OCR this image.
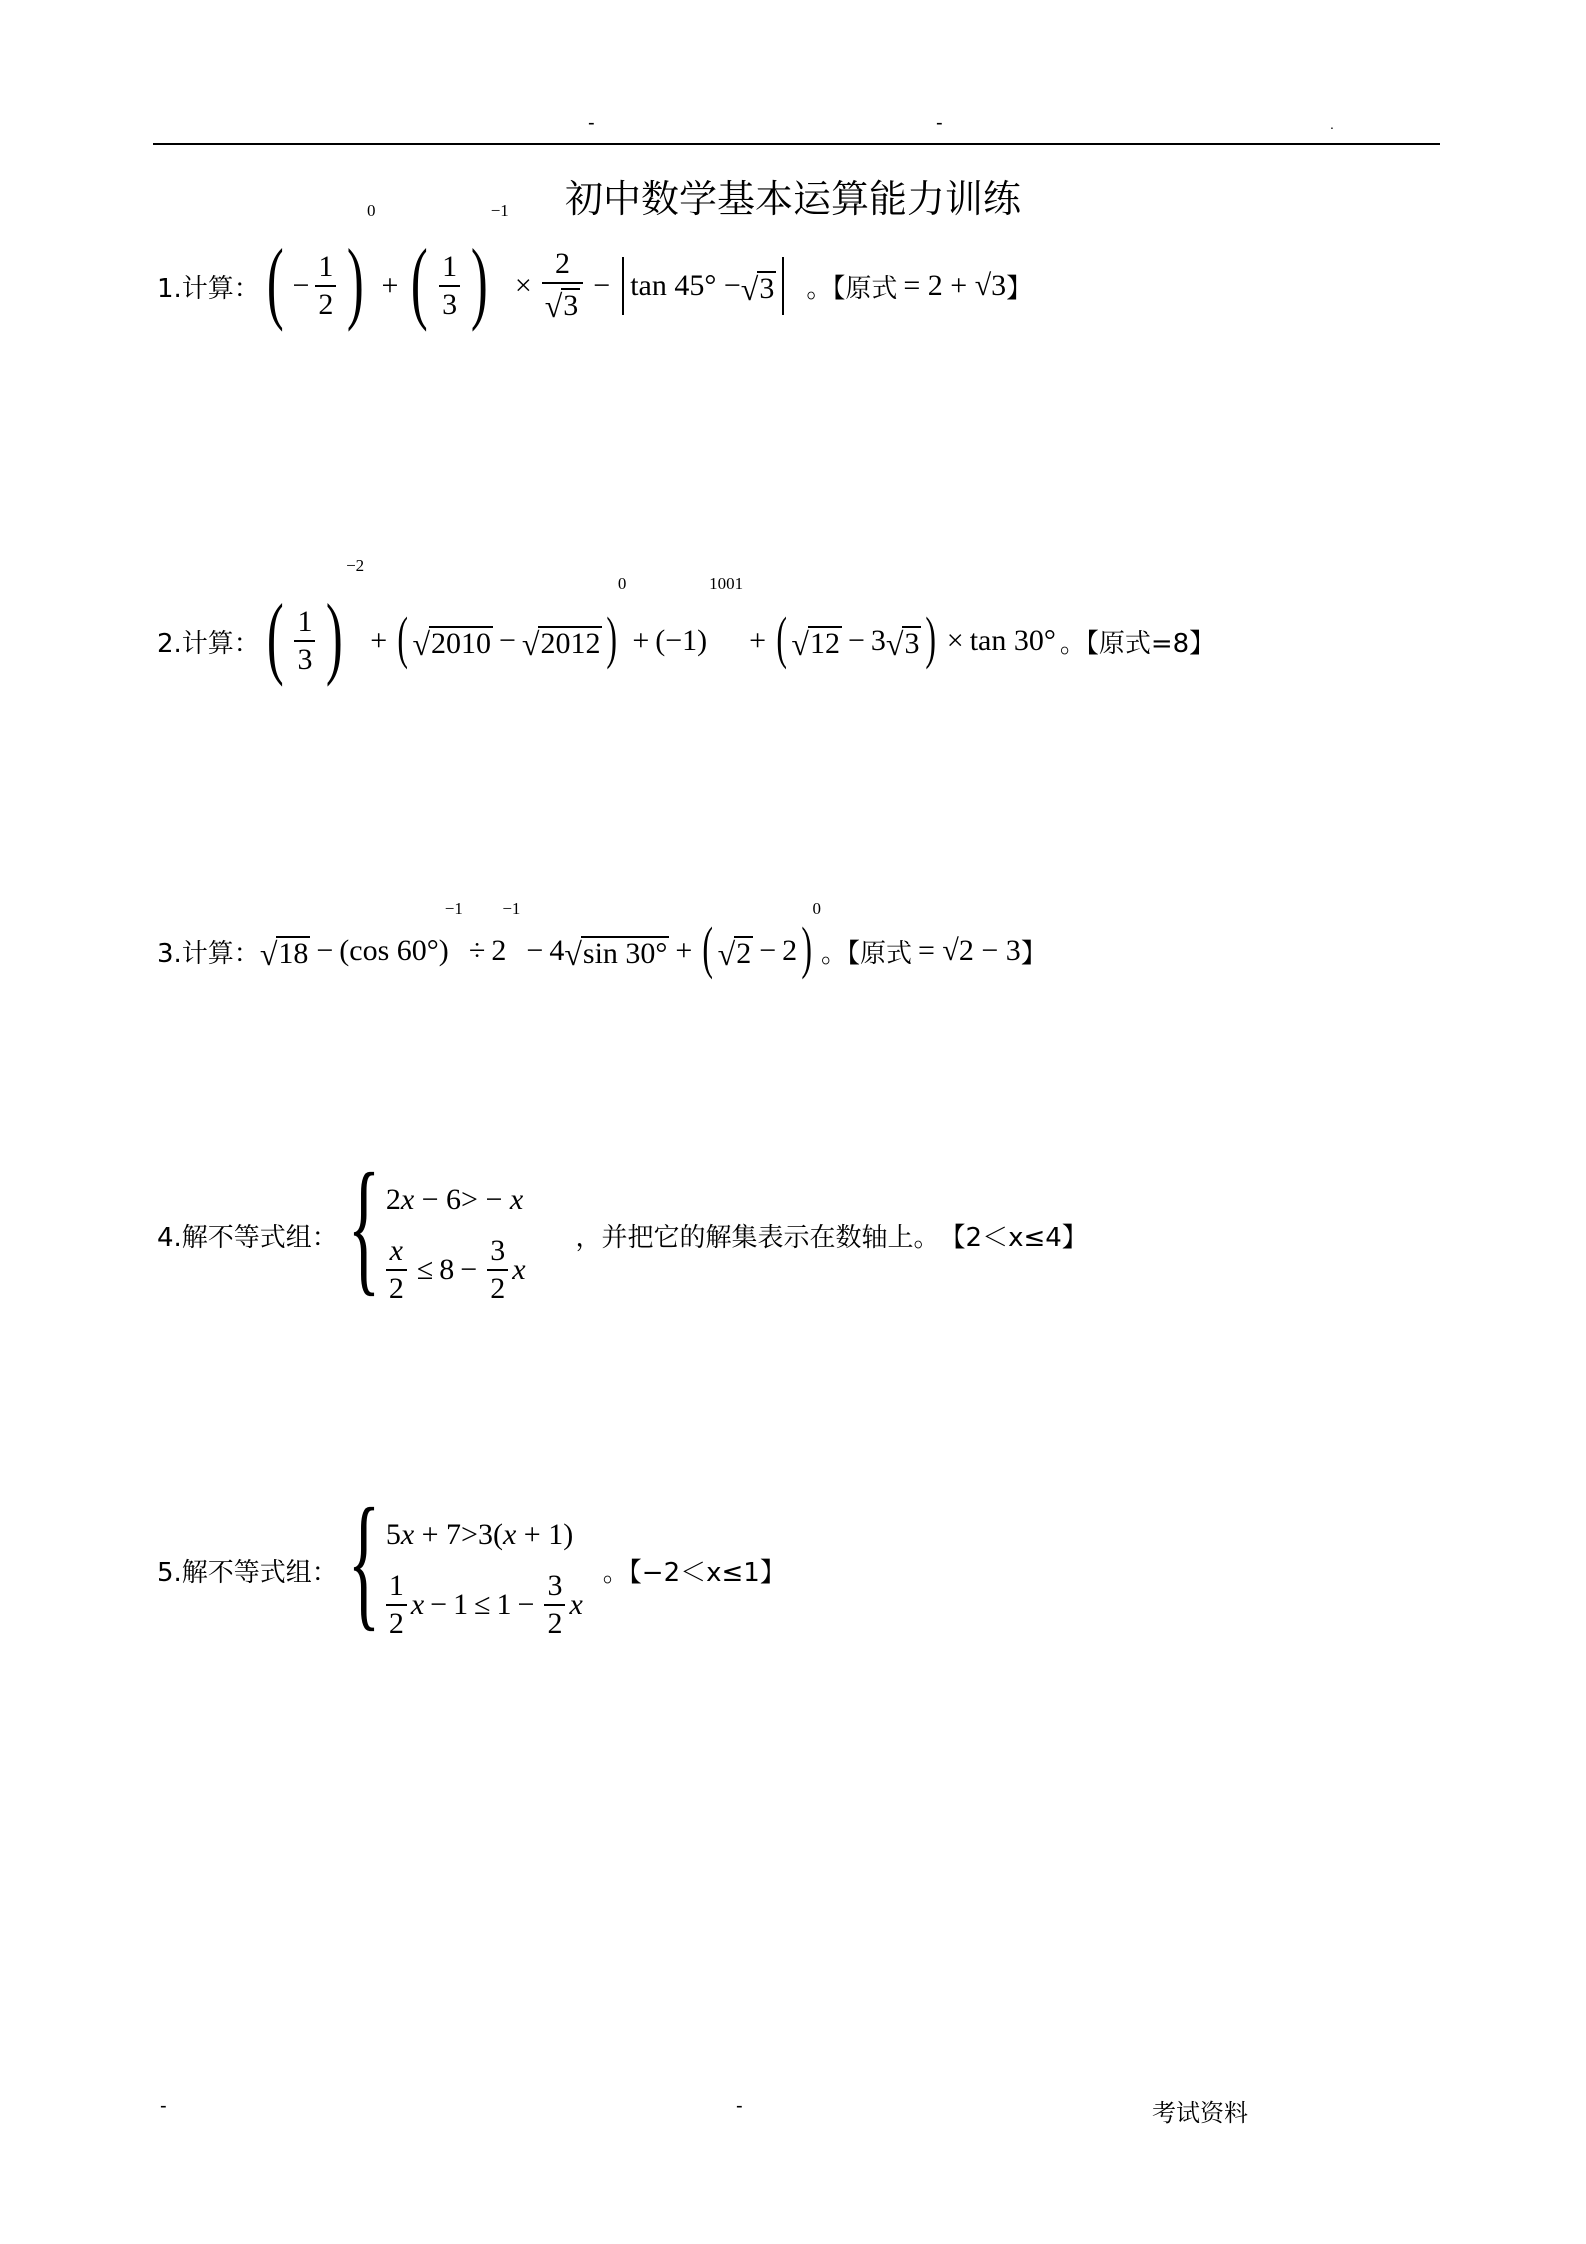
-	-	.
初中数学基本运算能力训练
1.计算： ( − $\frac{1}{2}$ )
0
+ ( $\frac{1}{3}$ )
−1
× $\frac{2}{√ 3} - \tan 45^\circ$ − √ 3 。【原式 = 2 + √3 】
2.计算： ( $\frac{1}{3}$ )
−2
+ ( √ 2010 − √ 2012 )
0
+ (−1)
1001
+ ( √ 12 − 3 √ 3 ) × tan 30° 。【原式=8】
3.计算： √ 18 − (cos 60°)
−1
÷ 2
−1
− 4 √ sin 30° + ( √ 2 − 2 )
0
。【原式 = √2 − 3 】
4.解不等式组： { 2 x − 6> − x
$\frac{x}{2} \le 8 - \frac{3}{2}$ x
，并把它的解集表示在数轴上。 【2＜x≤4】
5.解不等式组： { 5 x + 7>3( x + 1)
$\frac{1}{2}$ $x - 1 \le 1 - \frac{3}{2}$ x
。【−2＜x≤1】
-	-	考试资料
